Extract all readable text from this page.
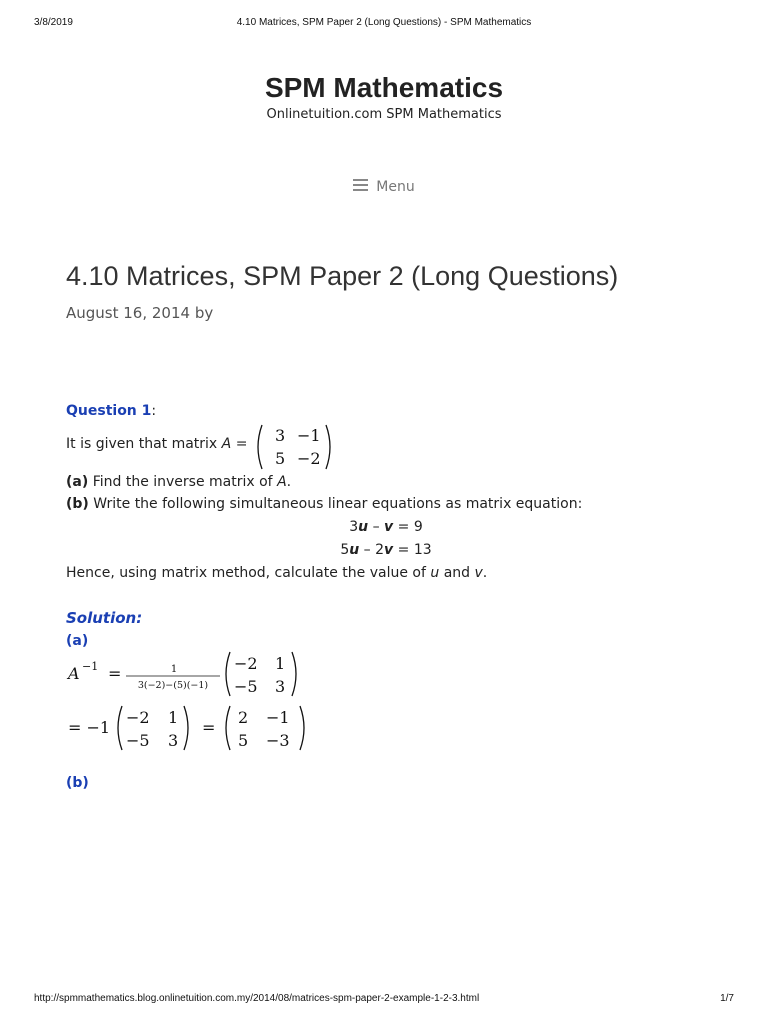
3/8/2019	4.10 Matrices, SPM Paper 2 (Long Questions) - SPM Mathematics
SPM Mathematics
Onlinetuition.com SPM Mathematics
Menu
4.10 Matrices, SPM Paper 2 (Long Questions)
August 16, 2014 by
Question 1:
It is given that matrix A = 3 −1
5 −2
(a) Find the inverse matrix of A.
(b) Write the following simultaneous linear equations as matrix equation:
3u – v = 9
5u – 2v = 13
Hence, using matrix method, calculate the value of u and v.
Solution:
(a)
A −1 =	1
3(−2)−(5)(−1)
−2 1
−5 3
= −1
−2 1
−5 3
=
2 −1
5 −3
(b)
http://spmmathematics.blog.onlinetuition.com.my/2014/08/matrices-spm-paper-2-example-1-2-3.html	1/7
